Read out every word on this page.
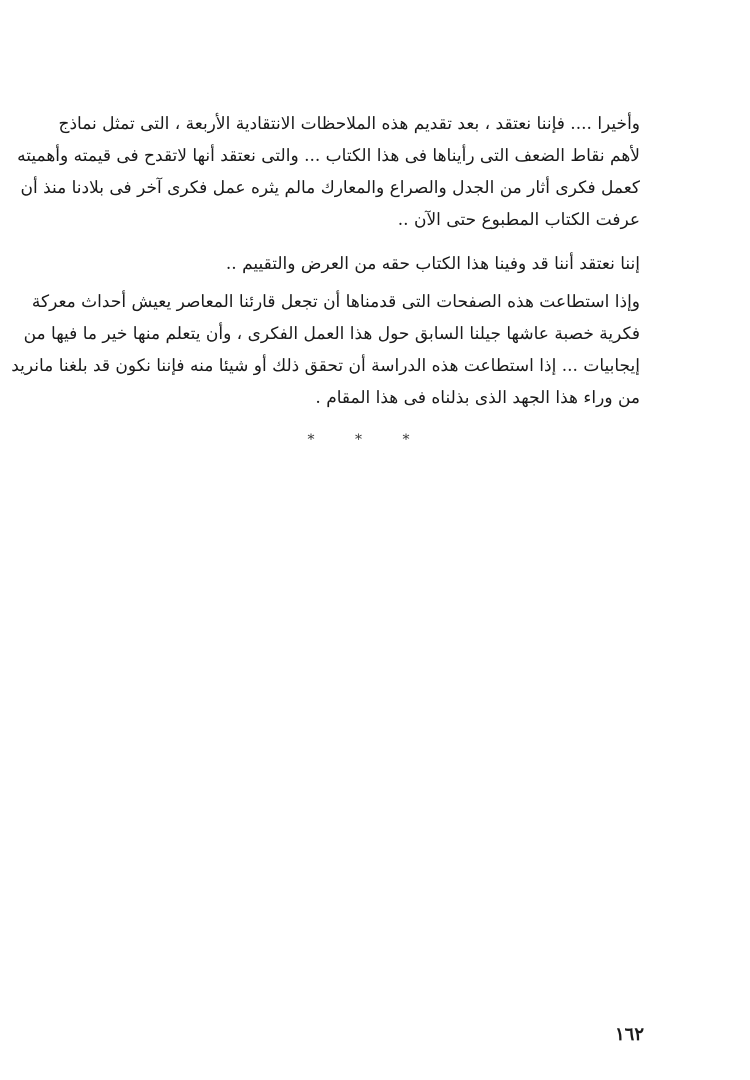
وأخيرا .... فإننا نعتقد ، بعد تقديم هذه الملاحظات الانتقادية الأربعة ، التى تمثل نماذج
لأهم نقاط الضعف التى رأيناها فى هذا الكتاب ... والتى نعتقد أنها لاتقدح فى قيمته وأهميته
كعمل فكرى أثار من الجدل والصراع والمعارك مالم يثره عمل فكرى آخر فى بلادنا منذ أن
عرفت الكتاب المطبوع حتى الآن ..
إننا نعتقد أننا قد وفينا هذا الكتاب حقه من العرض والتقييم ..
وإذا استطاعت هذه الصفحات التى قدمناها أن تجعل قارئنا المعاصر يعيش أحداث معركة
فكرية خصبة عاشها جيلنا السابق حول هذا العمل الفكرى ، وأن يتعلم منها خير ما فيها من
إيجابيات ... إذا استطاعت هذه الدراسة أن تحقق ذلك أو شيئا منه فإننا نكون قد بلغنا مانريد
من وراء هذا الجهد الذى بذلناه فى هذا المقام .
* * *
١٦٢
